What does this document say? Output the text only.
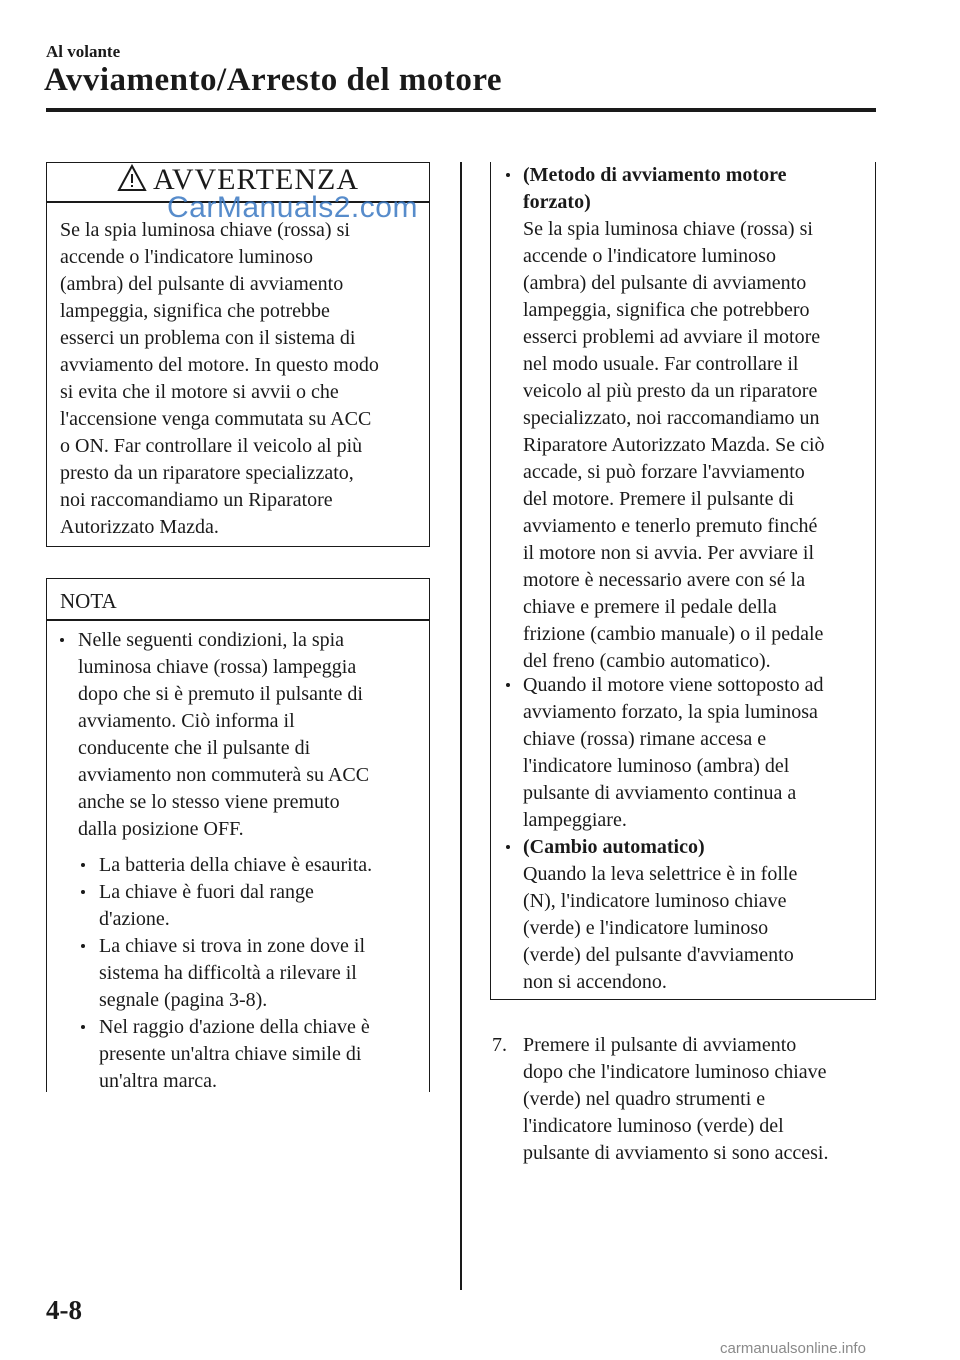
Al volante
Avviamento/Arresto del motore
AVVERTENZA
CarManuals2.com
Se la spia luminosa chiave (rossa) si
accende o l'indicatore luminoso
(ambra) del pulsante di avviamento
lampeggia, significa che potrebbe
esserci un problema con il sistema di
avviamento del motore. In questo modo
si evita che il motore si avvii o che
l'accensione venga commutata su ACC
o ON. Far controllare il veicolo al più
presto da un riparatore specializzato,
noi raccomandiamo un Riparatore
Autorizzato Mazda.
NOTA
Nelle seguenti condizioni, la spia
luminosa chiave (rossa) lampeggia
dopo che si è premuto il pulsante di
avviamento. Ciò informa il
conducente che il pulsante di
avviamento non commuterà su ACC
anche se lo stesso viene premuto
dalla posizione OFF.
La batteria della chiave è esaurita.
La chiave è fuori dal range
d'azione.
La chiave si trova in zone dove il
sistema ha difficoltà a rilevare il
segnale (pagina 3-8).
Nel raggio d'azione della chiave è
presente un'altra chiave simile di
un'altra marca.
(Metodo di avviamento motore
forzato)
Se la spia luminosa chiave (rossa) si
accende o l'indicatore luminoso
(ambra) del pulsante di avviamento
lampeggia, significa che potrebbero
esserci problemi ad avviare il motore
nel modo usuale. Far controllare il
veicolo al più presto da un riparatore
specializzato, noi raccomandiamo un
Riparatore Autorizzato Mazda. Se ciò
accade, si può forzare l'avviamento
del motore. Premere il pulsante di
avviamento e tenerlo premuto finché
il motore non si avvia. Per avviare il
motore è necessario avere con sé la
chiave e premere il pedale della
frizione (cambio manuale) o il pedale
del freno (cambio automatico).
Quando il motore viene sottoposto ad
avviamento forzato, la spia luminosa
chiave (rossa) rimane accesa e
l'indicatore luminoso (ambra) del
pulsante di avviamento continua a
lampeggiare.
(Cambio automatico)
Quando la leva selettrice è in folle
(N), l'indicatore luminoso chiave
(verde) e l'indicatore luminoso
(verde) del pulsante d'avviamento
non si accendono.
7. Premere il pulsante di avviamento
dopo che l'indicatore luminoso chiave
(verde) nel quadro strumenti e
l'indicatore luminoso (verde) del
pulsante di avviamento si sono accesi.
4-8
carmanualsonline.info
